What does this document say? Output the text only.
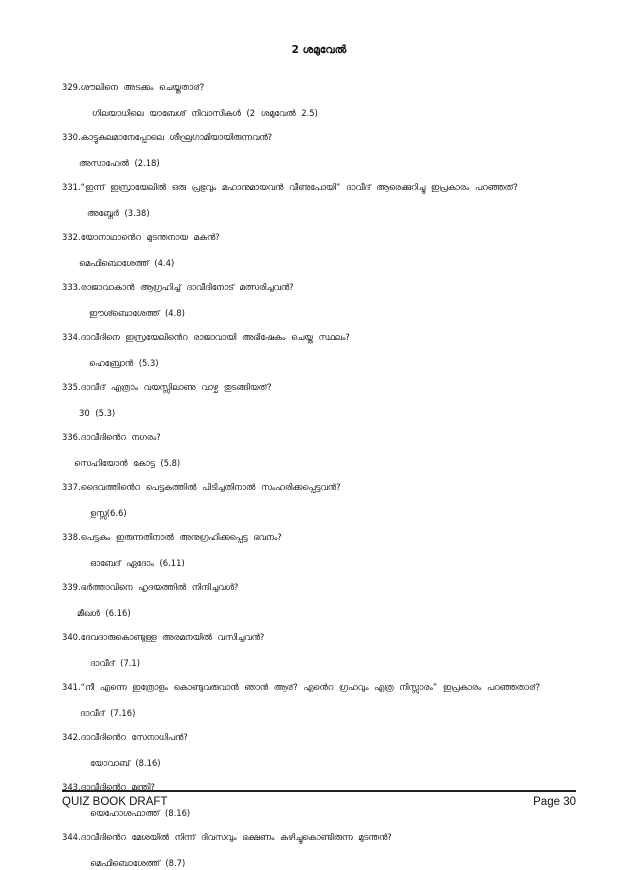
2 ശമുവേൽ
329.ശൗലിനെ അടക്കം ചെയ്തതാര്?
ഗിലയാധിലെ യാബേശ് നിവാസികൾ (2 ശമുവേൽ 2.5)
330.കാട്ടുകലമാനേപ്പോലെ ശീഘ്രഗാമിയായിരുന്നവൻ?
അസാഹേൽ (2.18)
331.“ഇന്ന് ഇസ്രായേലിൽ ഒരു പ്രഭുവും മഹാനുമായവൻ വീണുപോയി” ദാവീദ് ആരെക്കുറിച്ചു ഇപ്രകാരം പറഞ്ഞത്?
അബ്നേർ (3.38)
332.യോനാഥാൻെറ മുടന്തനായ മകൻ?
മെഫിബൊശേത്ത് (4.4)
333.രാജാവാകാൻ ആഗ്രഹിച്ച് ദാവീദിനോട് മത്സരിച്ചവൻ?
ഈശ്ബൊശേത്ത് (4.8)
334.ദാവീദിനെ ഇസ്രയേലിൻെറ രാജാവായി അഭിഷേകം ചെയ്ത സ്ഥലം?
ഹെബ്രോൻ (5.3)
335.ദാവീദ് എത്രാം വയസ്സിലാണു വാഴ്ച തുടങ്ങിയത്?
30 (5.3)
336.ദാവീദിൻെറ നഗരം?
സെഹിയോൻ കോട്ട (5.8)
337.ദൈവത്തിൻെറ പെട്ടകത്തിൽ പിടിച്ചതിനാൽ സംഹരിക്കപ്പെട്ടവൻ?
ഉസ്സ(6.6)
338.പെട്ടകം ഇരുന്നതിനാൽ അനുഗ്രഹിക്കപ്പെട്ട ഭവനം?
ഓബേദ് ഏദോം (6.11)
339.ഭർത്താവിനെ ഹൃദയത്തിൽ നിന്ദിച്ചവൾ?
മീഖൾ (6.16)
340.ദേവദാരുകൊണ്ടുള്ള അരമനയിൽ വസിച്ചവൻ?
ദാവീദ് (7.1)
341.“നീ എന്നെ ഇത്രോളം കൊണ്ടുവരുവാൻ ഞാൻ ആര്? എൻെറ ഗ്രഹവും എത്ര നിസ്സാരം” ഇപ്രകാരം പറഞ്ഞതാര്?
ദാവീദ് (7.16)
342.ദാവീദിൻെറ സേനാധിപൻ?
യോവാബ് (8.16)
343.ദാവീദിൻെറ മന്ത്രി?
യെഹോശഫാത്ത് (8.16)
344.ദാവീദിൻെറ മേശയിൽ നിന്ന് ദിവസവും ഭക്ഷണം കഴിച്ചുകൊണ്ടിരുന്ന മുടന്തൻ?
മെഫിബൊശേത്ത് (8.7)
QUIZ BOOK DRAFT	Page 30
